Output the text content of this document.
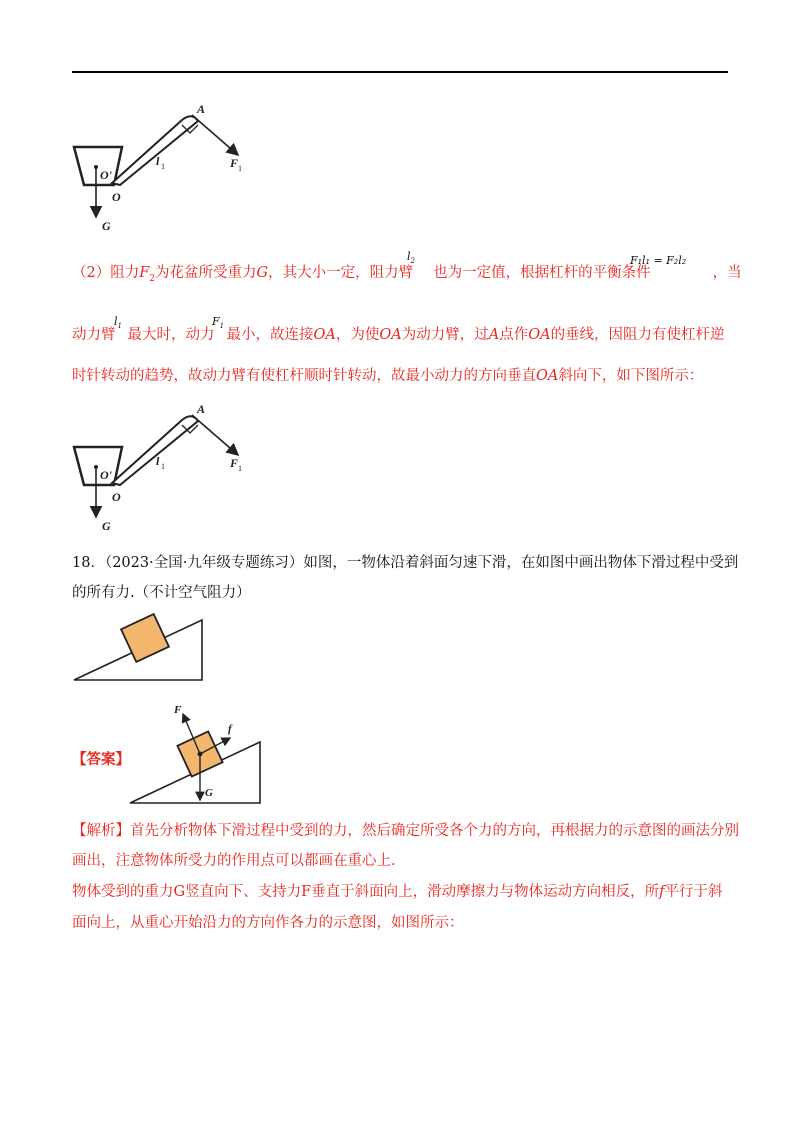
A
O'
O
l 1	F 1
G
（2）阻力$F_2$为花盆所受重力G，其大小一定，阻力臂 也为一定值，根据杠杆的平衡条件	，当
$l_2$	F₁l₁ = F₂l₂
动力臂 最大时，动力 最小，故连接OA，为使OA为动力臂，过A点作OA的垂线，因阻力有使杠杆逆
$l_1$	$F_1$
时针转动的趋势，故动力臂有使杠杆顺时针转动，故最小动力的方向垂直OA斜向下，如下图所示：
A
O'
O
l 1	F 1
G
18．（2023·全国·九年级专题练习）如图，一物体沿着斜面匀速下滑，在如图中画出物体下滑过程中受到
的所有力.（不计空气阻力）
【答案】
F
f
G
【解析】首先分析物体下滑过程中受到的力，然后确定所受各个力的方向，再根据力的示意图的画法分别
画出，注意物体所受力的作用点可以都画在重心上.
物体受到的重力G竖直向下、支持力F垂直于斜面向上，滑动摩擦力与物体运动方向相反，所f平行于斜
面向上，从重心开始沿力的方向作各力的示意图，如图所示：
